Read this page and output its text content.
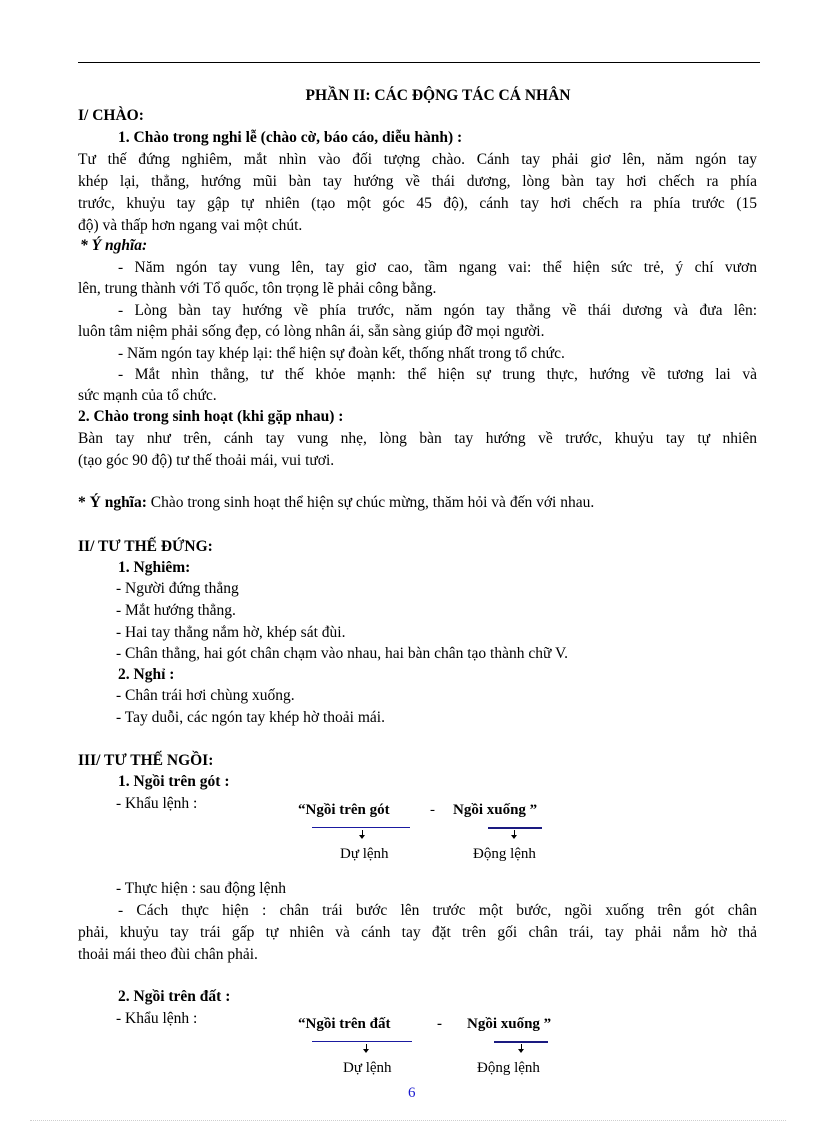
PHẦN II: CÁC ĐỘNG TÁC CÁ NHÂN
I/ CHÀO:
1. Chào trong nghi lễ (chào cờ, báo cáo, diễu hành) :
Tư thế đứng nghiêm, mắt nhìn vào đối tượng chào. Cánh tay phải giơ lên, năm ngón tay
khép lại, thẳng, hướng mũi bàn tay hướng về thái dương, lòng bàn tay hơi chếch ra phía
trước, khuỷu tay gập tự nhiên (tạo một góc 45 độ), cánh tay hơi chếch ra phía trước (15
độ) và thấp hơn ngang vai một chút.
* Ý nghĩa:
- Năm ngón tay vung lên, tay giơ cao, tầm ngang vai: thể hiện sức trẻ, ý chí vươn
lên, trung thành với Tổ quốc, tôn trọng lẽ phải công bằng.
- Lòng bàn tay hướng về phía trước, năm ngón tay thẳng về thái dương và đưa lên:
luôn tâm niệm phải sống đẹp, có lòng nhân ái, sẵn sàng giúp đỡ mọi người.
- Năm ngón tay khép lại: thể hiện sự đoàn kết, thống nhất trong tổ chức.
- Mắt nhìn thẳng, tư thế khỏe mạnh: thể hiện sự trung thực, hướng về tương lai và
sức mạnh của tổ chức.
2. Chào trong sinh hoạt (khi gặp nhau) :
Bàn tay như trên, cánh tay vung nhẹ, lòng bàn tay hướng về trước, khuỷu tay tự nhiên
(tạo góc 90 độ) tư thế thoải mái, vui tươi.
* Ý nghĩa: Chào trong sinh hoạt thể hiện sự chúc mừng, thăm hỏi và đến với nhau.
II/ TƯ THẾ ĐỨNG:
1. Nghiêm:
- Người đứng thẳng
- Mắt hướng thẳng.
- Hai tay thẳng nắm hờ, khép sát đùi.
- Chân thẳng, hai gót chân chạm vào nhau, hai bàn chân tạo thành chữ V.
2. Nghỉ :
- Chân trái hơi chùng xuống.
- Tay duỗi, các ngón tay khép hờ thoải mái.
III/ TƯ THẾ NGỒI:
1. Ngồi trên gót :
- Khẩu lệnh :	“Ngồi trên gót	- Ngồi xuống ”
Dự lệnh	Động lệnh
- Thực hiện : sau động lệnh
- Cách thực hiện : chân trái bước lên trước một bước, ngồi xuống trên gót chân
phải, khuỷu tay trái gấp tự nhiên và cánh tay đặt trên gối chân trái, tay phải nắm hờ thả
thoải mái theo đùi chân phải.
2. Ngồi trên đất :
- Khẩu lệnh :	“Ngồi trên đất	- Ngồi xuống ”
Dự lệnh	Động lệnh
6
